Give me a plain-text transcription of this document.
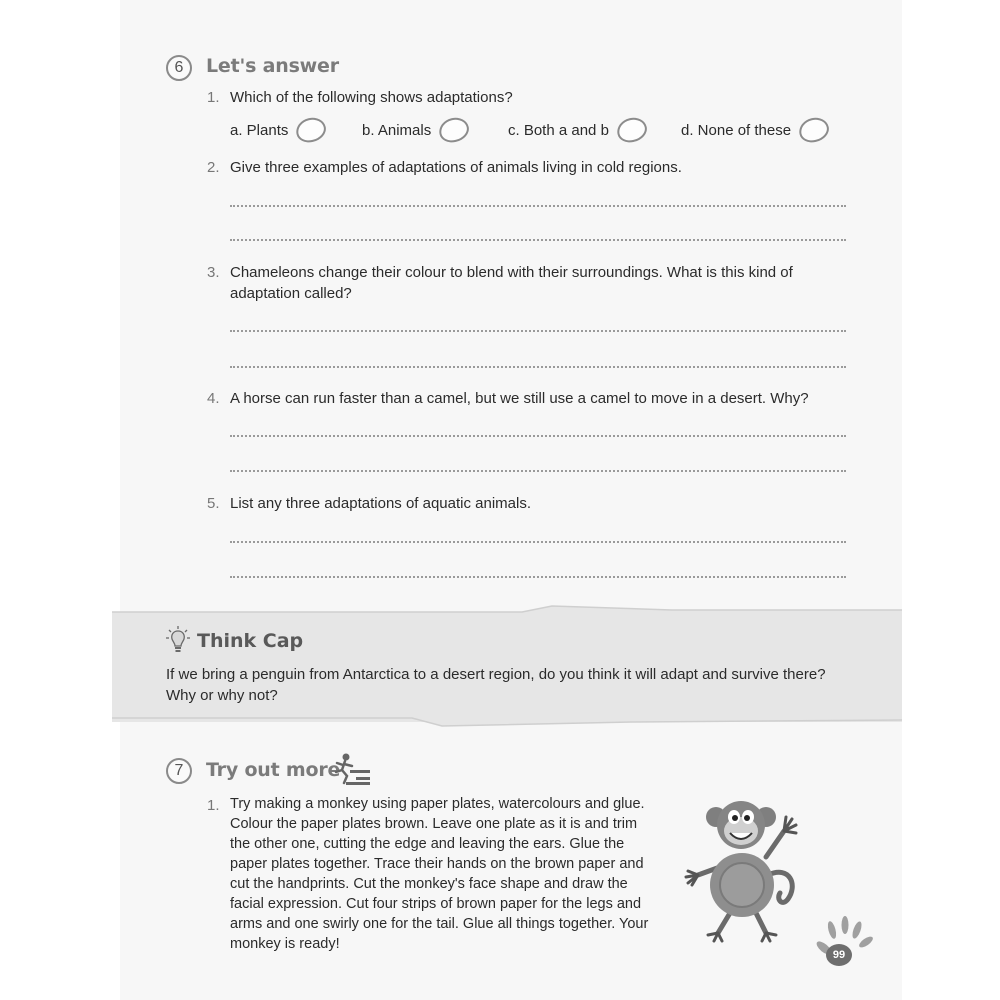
6 Let's answer
1. Which of the following shows adaptations?
a. Plants	b. Animals	c. Both a and b	d. None of these
2. Give three examples of adaptations of animals living in cold regions.
3. Chameleons change their colour to blend with their surroundings. What is this kind of
adaptation called?
4. A horse can run faster than a camel, but we still use a camel to move in a desert. Why?
5. List any three adaptations of aquatic animals.
Think Cap
If we bring a penguin from Antarctica to a desert region, do you think it will adapt and survive there?
Why or why not?
7 Try out more
1. Try making a monkey using paper plates, watercolours and glue.
Colour the paper plates brown. Leave one plate as it is and trim
the other one, cutting the edge and leaving the ears. Glue the
paper plates together. Trace their hands on the brown paper and
cut the handprints. Cut the monkey's face shape and draw the
facial expression. Cut four strips of brown paper for the legs and
arms and one swirly one for the tail. Glue all things together. Your
monkey is ready!
99
